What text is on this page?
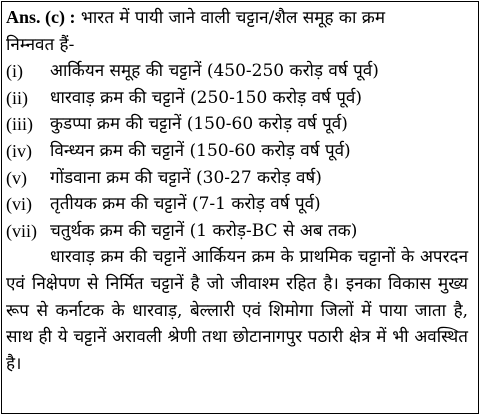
Ans. (c) : भारत में पायी जाने वाली चट्टान/शैल समूह का क्रम
निम्नवत हैं-
(i)	आर्कियन समूह की चट्टानें (450-250 करोड़ वर्ष पूर्व)
(ii)	धारवाड़ क्रम की चट्टानें (250-150 करोड़ वर्ष पूर्व)
(iii)	कुडप्पा क्रम की चट्टानें (150-60 करोड़ वर्ष पूर्व)
(iv)	विन्ध्यन क्रम की चट्टानें (150-60 करोड़ वर्ष पूर्व)
(v)	गोंडवाना क्रम की चट्टानें (30-27 करोड़ वर्ष)
(vi)	तृतीयक क्रम की चट्टानें (7-1 करोड़ वर्ष पूर्व)
(vii) चतुर्थक क्रम की चट्टानें (1 करोड़-BC से अब तक)

धारवाड़ क्रम की चट्टानें आर्कियन क्रम के प्राथमिक चट्टानों के अपरदन एवं निक्षेपण से निर्मित चट्टानें है जो जीवाश्म रहित है। इनका विकास मुख्य रूप से कर्नाटक के धारवाड़, बेल्लारी एवं शिमोगा जिलों में पाया जाता है, साथ ही ये चट्टानें अरावली श्रेणी तथा छोटानागपुर पठारी क्षेत्र में भी अवस्थित है।
